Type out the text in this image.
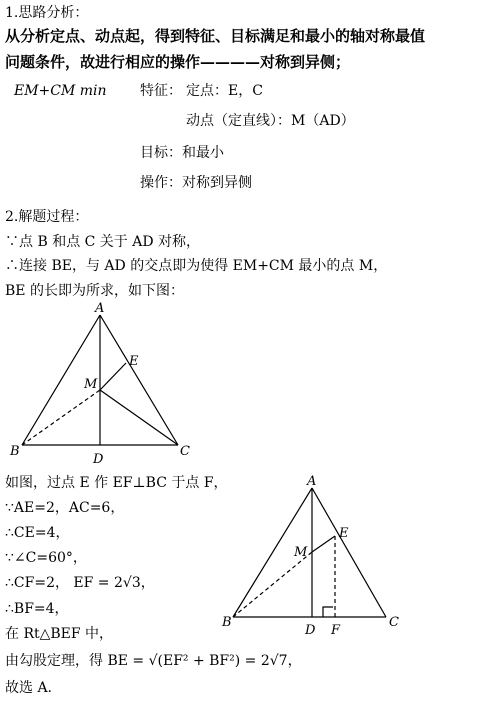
1.思路分析：
从分析定点、动点起，得到特征、目标满足和最小的轴对称最值
问题条件，故进行相应的操作————对称到异侧；
EM+CM min 特征： 定点：E，C
动点（定直线）：M（AD）
目标：和最小
操作：对称到异侧
2.解题过程：
∵点 B 和点 C 关于 AD 对称，
∴连接 BE，与 AD 的交点即为使得 EM+CM 最小的点 M，
BE 的长即为所求，如下图：
A
B	C
D
E
M
如图，过点 E 作 EF⊥BC 于点 F，
∵AE=2，AC=6，
∴CE=4，
∵∠C=60°，
∴CF=2， EF = 2√3，
∴BF=4，
在 Rt△BEF 中，
由勾股定理，得 BE = √(EF² + BF²) = 2√7，
故选 A.
A
B	C
D
E
F
M
